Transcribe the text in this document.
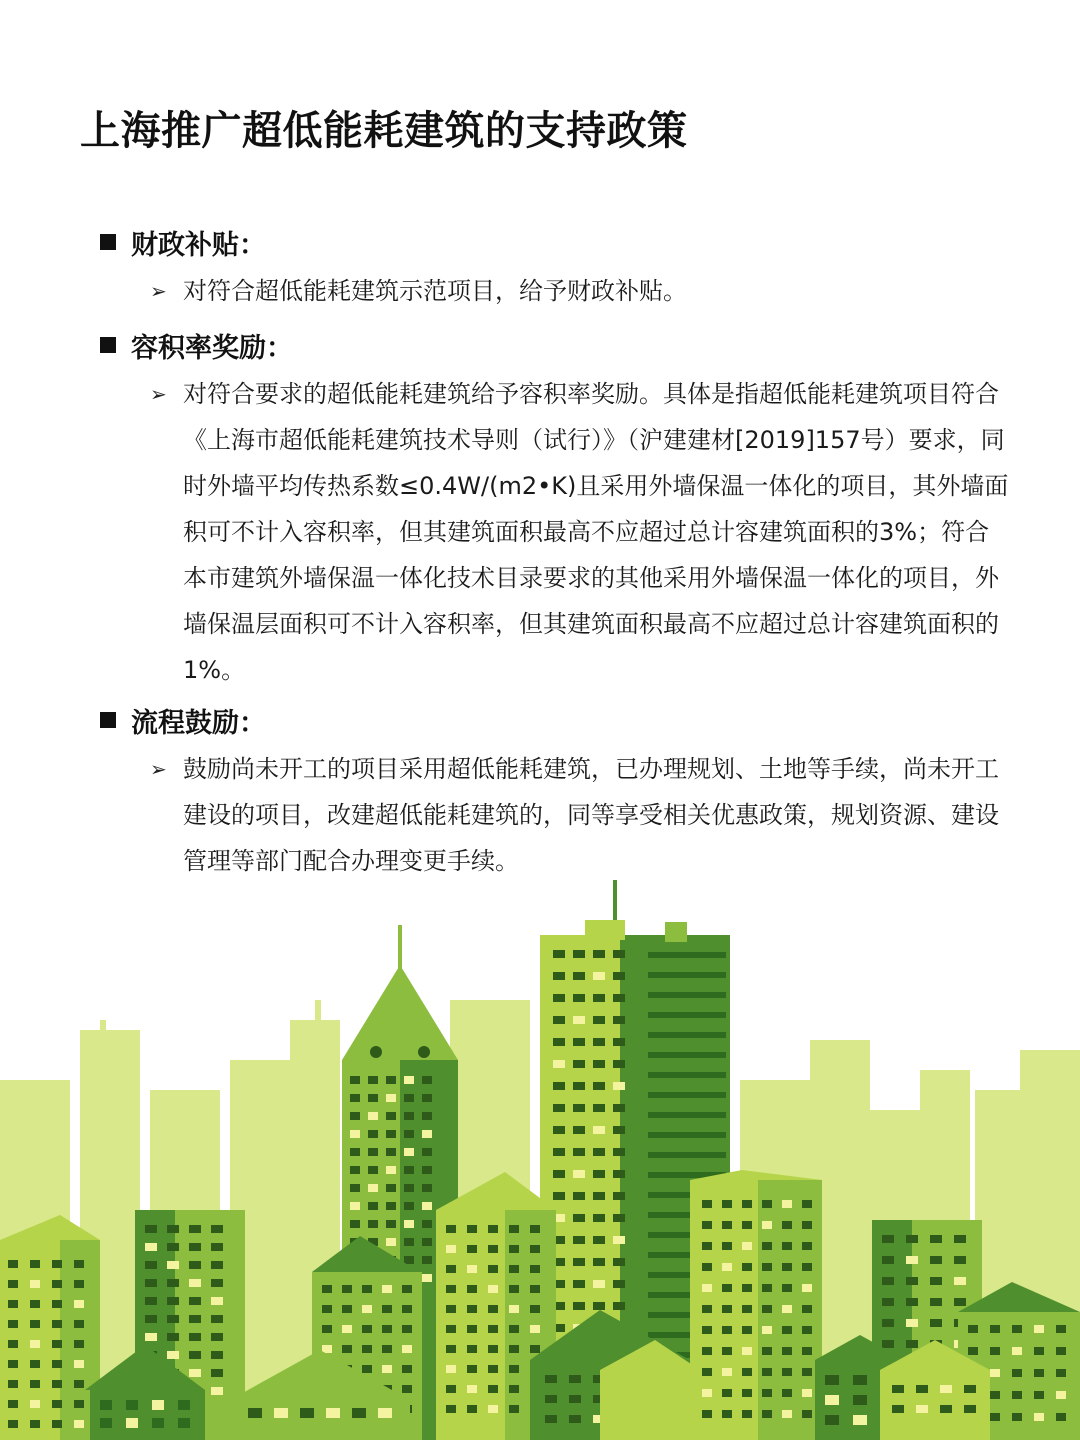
上海推广超低能耗建筑的支持政策
财政补贴：
➢ 对符合超低能耗建筑示范项目，给予财政补贴。
容积率奖励：
➢ 对符合要求的超低能耗建筑给予容积率奖励。具体是指超低能耗建筑项目符合《上海市超低能耗建筑技术导则（试行）》（沪建建材[2019]157号）要求，同时外墙平均传热系数≤0.4W/(m2•K)且采用外墙保温一体化的项目，其外墙面积可不计入容积率，但其建筑面积最高不应超过总计容建筑面积的3%；符合本市建筑外墙保温一体化技术目录要求的其他采用外墙保温一体化的项目，外墙保温层面积可不计入容积率，但其建筑面积最高不应超过总计容建筑面积的1%。
流程鼓励：
➢ 鼓励尚未开工的项目采用超低能耗建筑，已办理规划、土地等手续，尚未开工建设的项目，改建超低能耗建筑的，同等享受相关优惠政策，规划资源、建设管理等部门配合办理变更手续。
